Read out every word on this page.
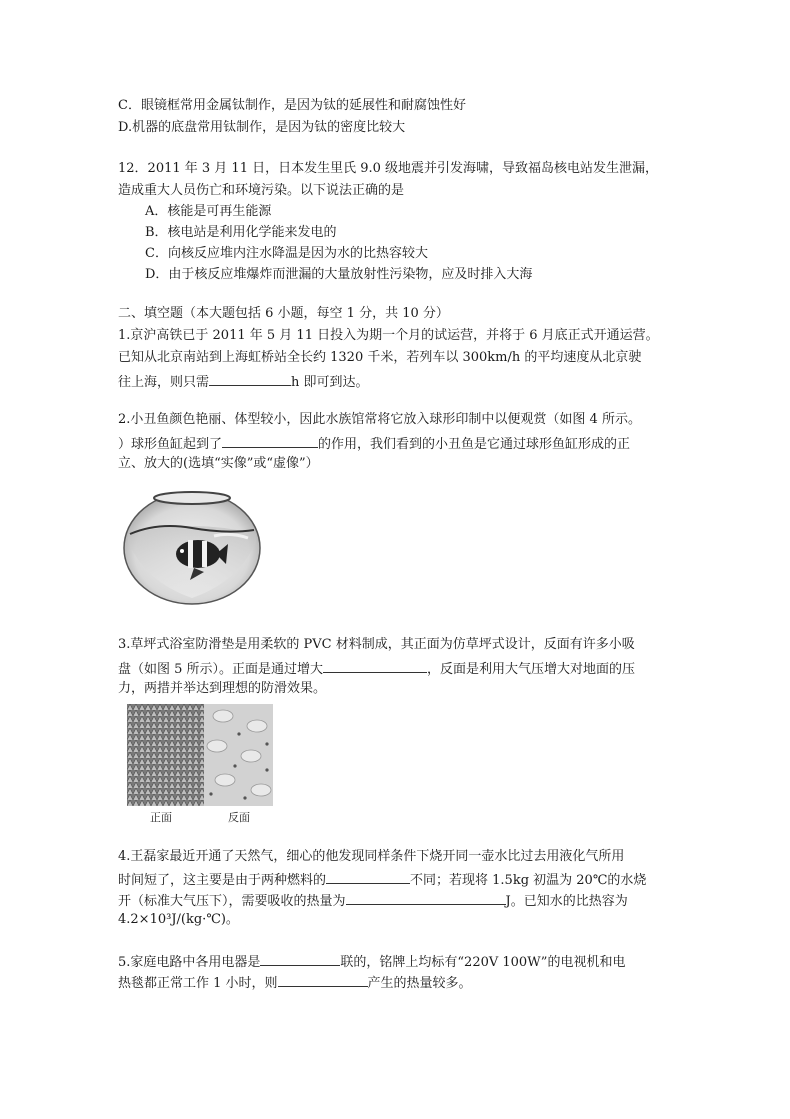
C．眼镜框常用金属钛制作，是因为钛的延展性和耐腐蚀性好
D.机器的底盘常用钛制作，是因为钛的密度比较大
12．2011 年 3 月 11 日，日本发生里氏 9.0 级地震并引发海啸，导致福岛核电站发生泄漏，
造成重大人员伤亡和环境污染。以下说法正确的是
A．核能是可再生能源
B．核电站是利用化学能来发电的
C．向核反应堆内注水降温是因为水的比热容较大
D．由于核反应堆爆炸而泄漏的大量放射性污染物，应及时排入大海
二、填空题（本大题包括 6 小题，每空 1 分，共 10 分）
1.京沪高铁已于 2011 年 5 月 11 日投入为期一个月的试运营，并将于 6 月底正式开通运营。
已知从北京南站到上海虹桥站全长约 1320 千米，若列车以 300km/h 的平均速度从北京驶
往上海，则只需	h 即可到达。
2.小丑鱼颜色艳丽、体型较小，因此水族馆常将它放入球形印制中以便观赏（如图 4 所示。
）球形鱼缸起到了	的作用，我们看到的小丑鱼是它通过球形鱼缸形成的正
立、放大的(选填“实像”或“虚像”）
3.草坪式浴室防滑垫是用柔软的 PVC 材料制成，其正面为仿草坪式设计，反面有许多小吸
盘（如图 5 所示）。正面是通过增大	，反面是利用大气压增大对地面的压
力，两措并举达到理想的防滑效果。
正面	反面
4.王磊家最近开通了天然气，细心的他发现同样条件下烧开同一壶水比过去用液化气所用
时间短了，这主要是由于两种燃料的	不同；若现将 1.5kg 初温为 20℃的水烧
开（标准大气压下），需要吸收的热量为	J。已知水的比热容为
4.2×10³J/(kg·℃)。
5.家庭电路中各用电器是	联的，铭牌上均标有“220V 100W”的电视机和电
热毯都正常工作 1 小时，则	产生的热量较多。
